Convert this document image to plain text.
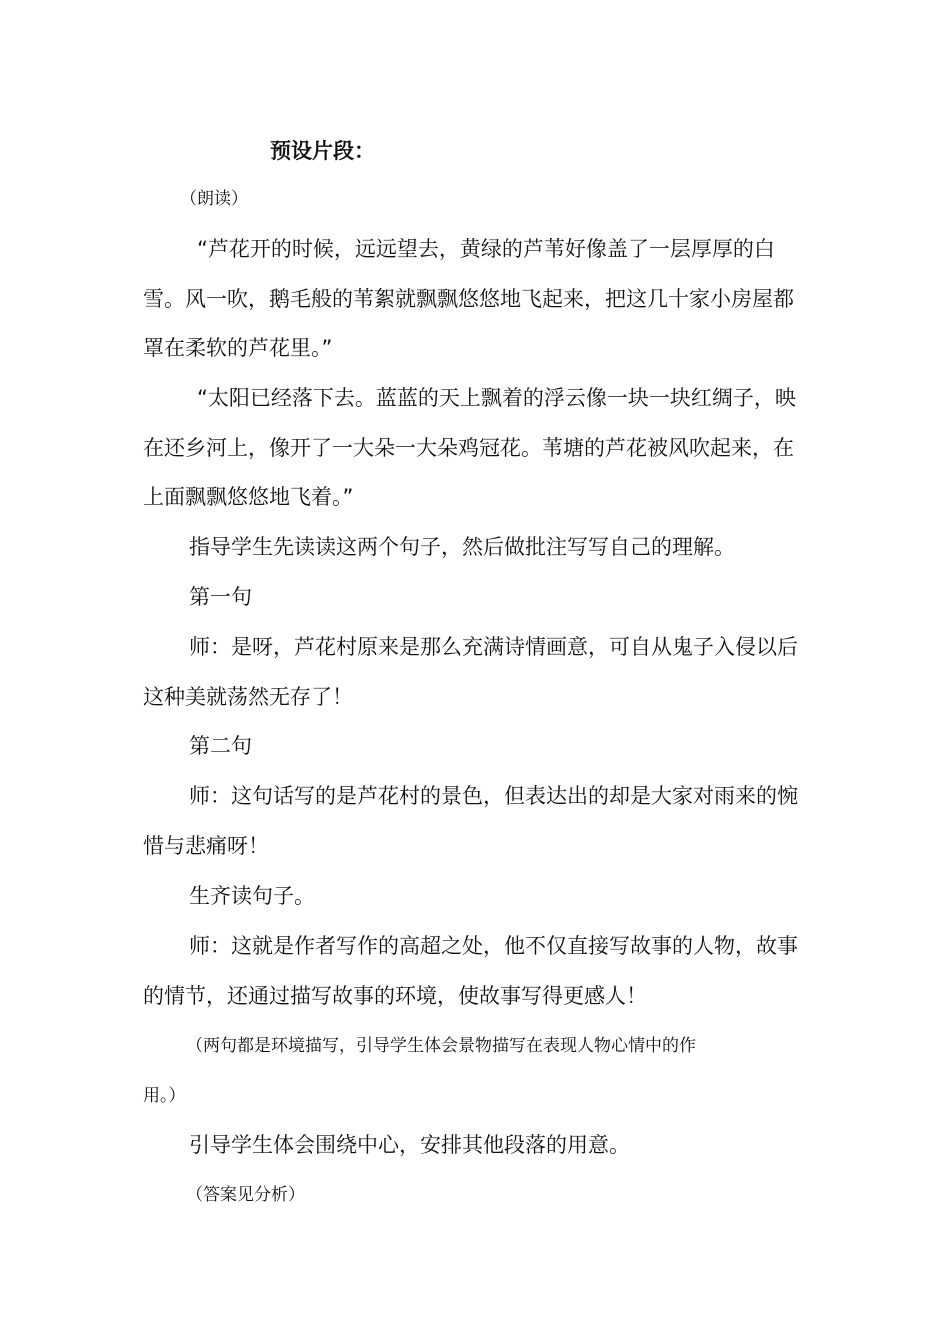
预设片段：
（朗读）

“芦花开的时候，远远望去，黄绿的芦苇好像盖了一层厚厚的白雪。风一吹，鹅毛般的苇絮就飘飘悠悠地飞起来，把这几十家小房屋都罩在柔软的芦花里。”

“太阳已经落下去。蓝蓝的天上飘着的浮云像一块一块红绸子，映在还乡河上，像开了一大朵一大朵鸡冠花。苇塘的芦花被风吹起来，在上面飘飘悠悠地飞着。”

指导学生先读读这两个句子，然后做批注写写自己的理解。

第一句

师：是呀，芦花村原来是那么充满诗情画意，可自从鬼子入侵以后这种美就荡然无存了！

第二句

师：这句话写的是芦花村的景色，但表达出的却是大家对雨来的惋惜与悲痛呀！

生齐读句子。

师：这就是作者写作的高超之处，他不仅直接写故事的人物，故事的情节，还通过描写故事的环境，使故事写得更感人！

（两句都是环境描写，引导学生体会景物描写在表现人物心情中的作
用。）

引导学生体会围绕中心，安排其他段落的用意。

（答案见分析）
